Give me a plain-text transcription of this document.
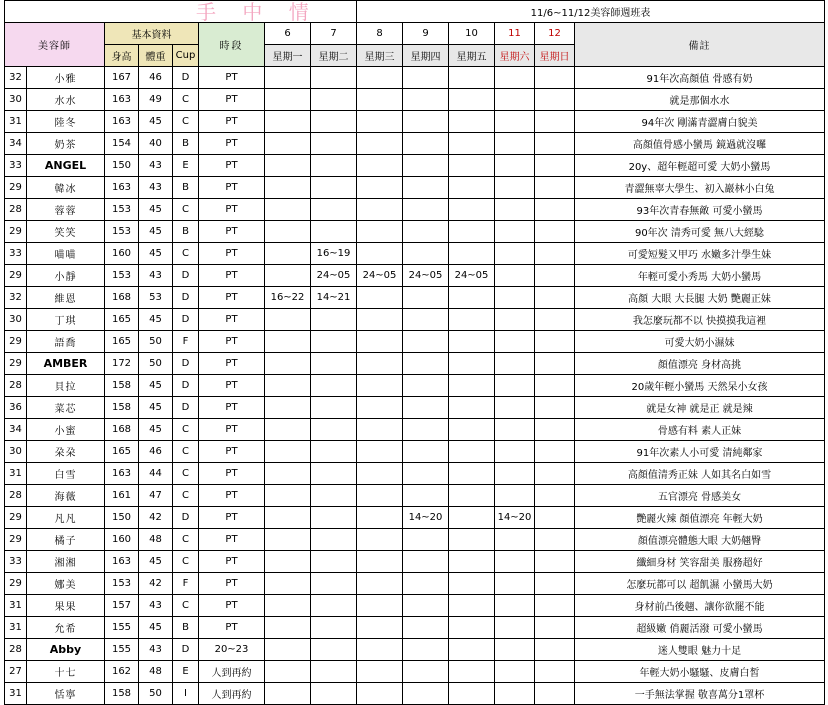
手 中 情
								11/6~11/12美容師週班表					
美容師		基本資料			時段	6	7	8	9	10	11	12	備註
		身高	體重	Cup		星期一	星期二	星期三	星期四	星期五	星期六	星期日	
32	小雅	167	46	D	PT								91年次高顏值 骨感有奶
30	水水	163	49	C	PT								就是那個水水
31	陸冬	163	45	C	PT								94年次 剛滿青澀膚白貌美
34	奶茶	154	40	B	PT								高顏值骨感小蠻馬 鏡過就沒囉
33	ANGEL	150	43	E	PT								20y、超年輕超可愛 大奶小蠻馬
29	韓冰	163	43	B	PT								青澀無辜大學生、初入巖林小白兔
28	蓉蓉	153	45	C	PT								93年次青春無敵 可愛小蠻馬
29	笑笑	153	45	B	PT								90年次 清秀可愛 無八大經騐
33	喵喵	160	45	C	PT		16~19						可愛短髮又甲巧 水嫩多汁學生妹
29	小靜	153	43	D	PT		24~05	24~05	24~05	24~05			年輕可愛小秀馬 大奶小蠻馬
32	維恩	168	53	D	PT	16~22	14~21						高顏 大眼 大長腿 大奶 艷麗正妹
30	丁琪	165	45	D	PT								我怎麼玩都不以 快摸摸我這裡
29	語喬	165	50	F	PT								可愛大奶小濕妹
29	AMBER	172	50	D	PT								顏值漂亮 身材高挑
28	貝拉	158	45	D	PT								20歲年輕小蠻馬 天然呆小女孩
36	菜芯	158	45	D	PT								就是女神 就是正 就是辣
34	小蜜	168	45	C	PT								骨感有料 素人正妹
30	朶朶	165	46	C	PT								91年次素人小可愛 清純鄰家
31	白雪	163	44	C	PT								高顏值清秀正妹 人如其名白如雪
28	海薇	161	47	C	PT								五官漂亮 骨感美女
29	凡凡	150	42	D	PT				14~20		14~20		艷麗火辣 顏值漂亮 年輕大奶
29	橘子	160	48	C	PT								顏值漂亮體態大眼 大奶翹臀
33	湘湘	163	45	C	PT								纖細身材 笑容甜美 服務超好
29	娜美	153	42	F	PT								怎麼玩都可以 超飢濕 小蠻馬大奶
31	果果	157	43	C	PT								身材前凸後翹、讓你欲罷不能
31	允希	155	45	B	PT								超級嫩 俏麗活潑 可愛小蠻馬
28	Abby	155	43	D	20~23								迷人雙眼 魅力十足
27	十七	162	48	E	人到再約								年輕大奶小騷騷、皮膚白皙
31	恬寧	158	50	I	人到再約								一手無法掌握 敬喜萬分1罩杯
